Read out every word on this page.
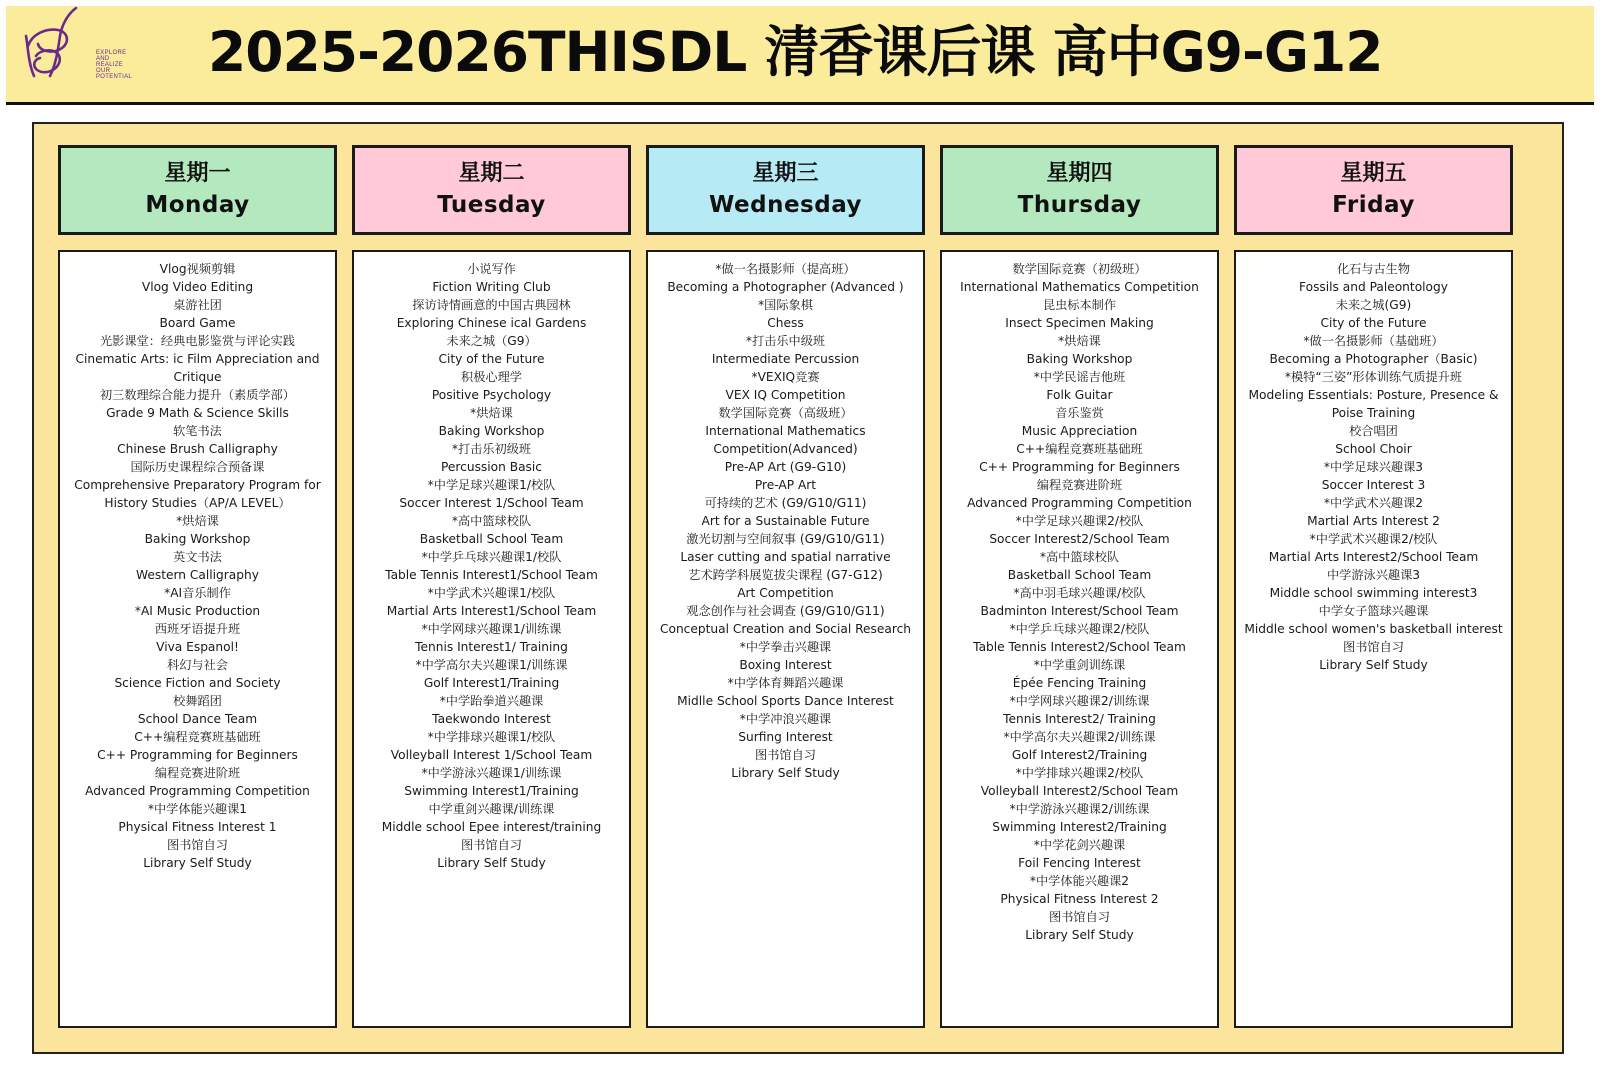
EXPLORE
AND REALIZE
OUR POTENTIAL 2025-2026THISDL 清香课后课 高中G9-G12
星期一
Monday
Vlog视频剪辑
Vlog Video Editing
桌游社团
Board Game
光影课堂：经典电影鉴赏与评论实践
Cinematic Arts: ic Film Appreciation and
Critique
初三数理综合能力提升（素质学部）
Grade 9 Math & Science Skills
软笔书法
Chinese Brush Calligraphy
国际历史课程综合预备课
Comprehensive Preparatory Program for
History Studies（AP/A LEVEL）
*烘焙课
Baking Workshop
英文书法
Western Calligraphy
*AI音乐制作
*AI Music Production
西班牙语提升班
Viva Espanol!
科幻与社会
Science Fiction and Society
校舞蹈团
School Dance Team
C++编程竞赛班基础班
C++ Programming for Beginners
编程竞赛进阶班
Advanced Programming Competition
*中学体能兴趣课1
Physical Fitness Interest 1
图书馆自习
Library Self Study
星期二
Tuesday
小说写作
Fiction Writing Club
探访诗情画意的中国古典园林
Exploring Chinese ical Gardens
未来之城（G9）
City of the Future
积极心理学
Positive Psychology
*烘焙课
Baking Workshop
*打击乐初级班
Percussion Basic
*中学足球兴趣课1/校队
Soccer Interest 1/School Team
*高中篮球校队
Basketball School Team
*中学乒乓球兴趣课1/校队
Table Tennis Interest1/School Team
*中学武术兴趣课1/校队
Martial Arts Interest1/School Team
*中学网球兴趣课1/训练课
Tennis Interest1/ Training
*中学高尔夫兴趣课1/训练课
Golf Interest1/Training
*中学跆拳道兴趣课
Taekwondo Interest
*中学排球兴趣课1/校队
Volleyball Interest 1/School Team
*中学游泳兴趣课1/训练课
Swimming Interest1/Training
中学重剑兴趣课/训练课
Middle school Epee interest/training
图书馆自习
Library Self Study
星期三
Wednesday
*做一名摄影师（提高班）
Becoming a Photographer (Advanced )
*国际象棋
Chess
*打击乐中级班
Intermediate Percussion
*VEXIQ竞赛
VEX IQ Competition
数学国际竞赛（高级班）
International Mathematics
Competition(Advanced)
Pre-AP Art (G9-G10)
Pre-AP Art
可持续的艺术 (G9/G10/G11)
Art for a Sustainable Future
激光切割与空间叙事 (G9/G10/G11)
Laser cutting and spatial narrative
艺术跨学科展览拔尖课程 (G7-G12)
Art Competition
观念创作与社会调查 (G9/G10/G11)
Conceptual Creation and Social Research
*中学拳击兴趣课
Boxing Interest
*中学体育舞蹈兴趣课
Midlle School Sports Dance Interest
*中学冲浪兴趣课
Surfing Interest
图书馆自习
Library Self Study
星期四
Thursday
数学国际竞赛（初级班）
International Mathematics Competition
昆虫标本制作
Insect Specimen Making
*烘焙课
Baking Workshop
*中学民谣吉他班
Folk Guitar
音乐鉴赏
Music Appreciation
C++编程竞赛班基础班
C++ Programming for Beginners
编程竞赛进阶班
Advanced Programming Competition
*中学足球兴趣课2/校队
Soccer Interest2/School Team
*高中篮球校队
Basketball School Team
*高中羽毛球兴趣课/校队
Badminton Interest/School Team
*中学乒乓球兴趣课2/校队
Table Tennis Interest2/School Team
*中学重剑训练课
Épée Fencing Training
*中学网球兴趣课2/训练课
Tennis Interest2/ Training
*中学高尔夫兴趣课2/训练课
Golf Interest2/Training
*中学排球兴趣课2/校队
Volleyball Interest2/School Team
*中学游泳兴趣课2/训练课
Swimming Interest2/Training
*中学花剑兴趣课
Foil Fencing Interest
*中学体能兴趣课2
Physical Fitness Interest 2
图书馆自习
Library Self Study
星期五
Friday
化石与古生物
Fossils and Paleontology
未来之城(G9)
City of the Future
*做一名摄影师（基础班）
Becoming a Photographer（Basic)
*模特“三姿”形体训练气质提升班
Modeling Essentials: Posture, Presence &
Poise Training
校合唱团
School Choir
*中学足球兴趣课3
Soccer Interest 3
*中学武术兴趣课2
Martial Arts Interest 2
*中学武术兴趣课2/校队
Martial Arts Interest2/School Team
中学游泳兴趣课3
Middle school swimming interest3
中学女子篮球兴趣课
Middle school women's basketball interest
图书馆自习
Library Self Study
